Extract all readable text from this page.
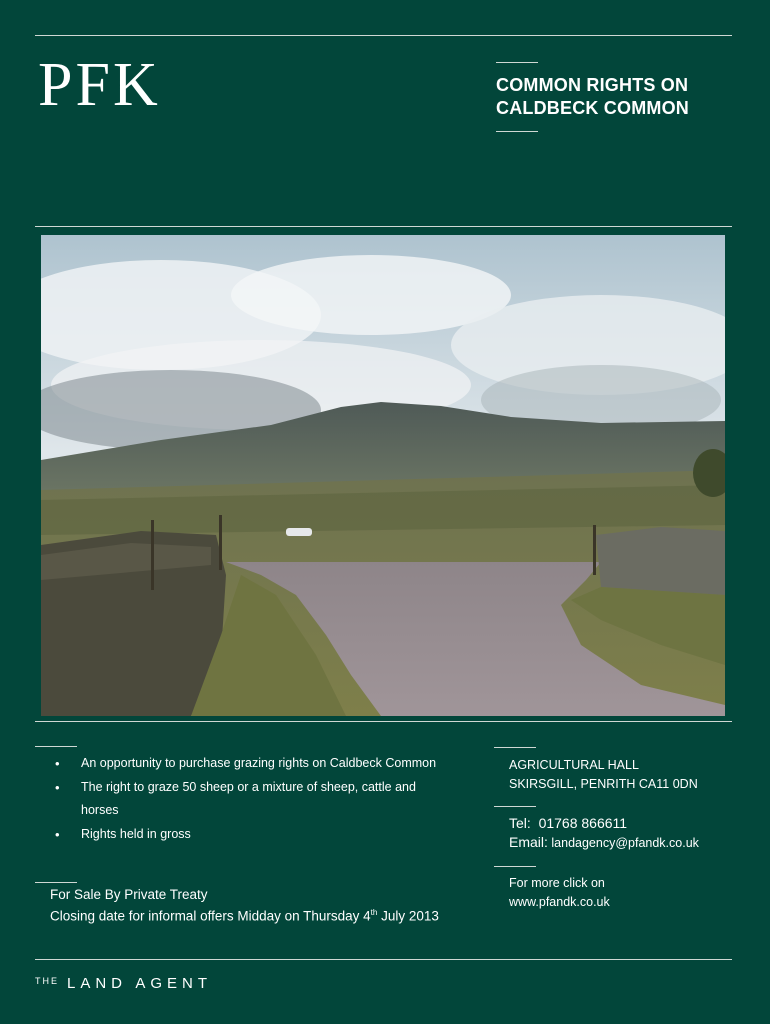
PFK	COMMON RIGHTS ON
CALDBECK COMMON
• An opportunity to purchase grazing rights on Caldbeck Common
• The right to graze 50 sheep or a mixture of sheep, cattle and horses
• Rights held in gross
For Sale By Private Treaty
Closing date for informal offers Midday on Thursday 4th July 2013
AGRICULTURAL HALL
SKIRSGILL, PENRITH CA11 0DN
Tel: 01768 866611
Email: landagency@pfandk.co.uk
For more click on
www.pfandk.co.uk
$^{THE}$ LAND AGENT
